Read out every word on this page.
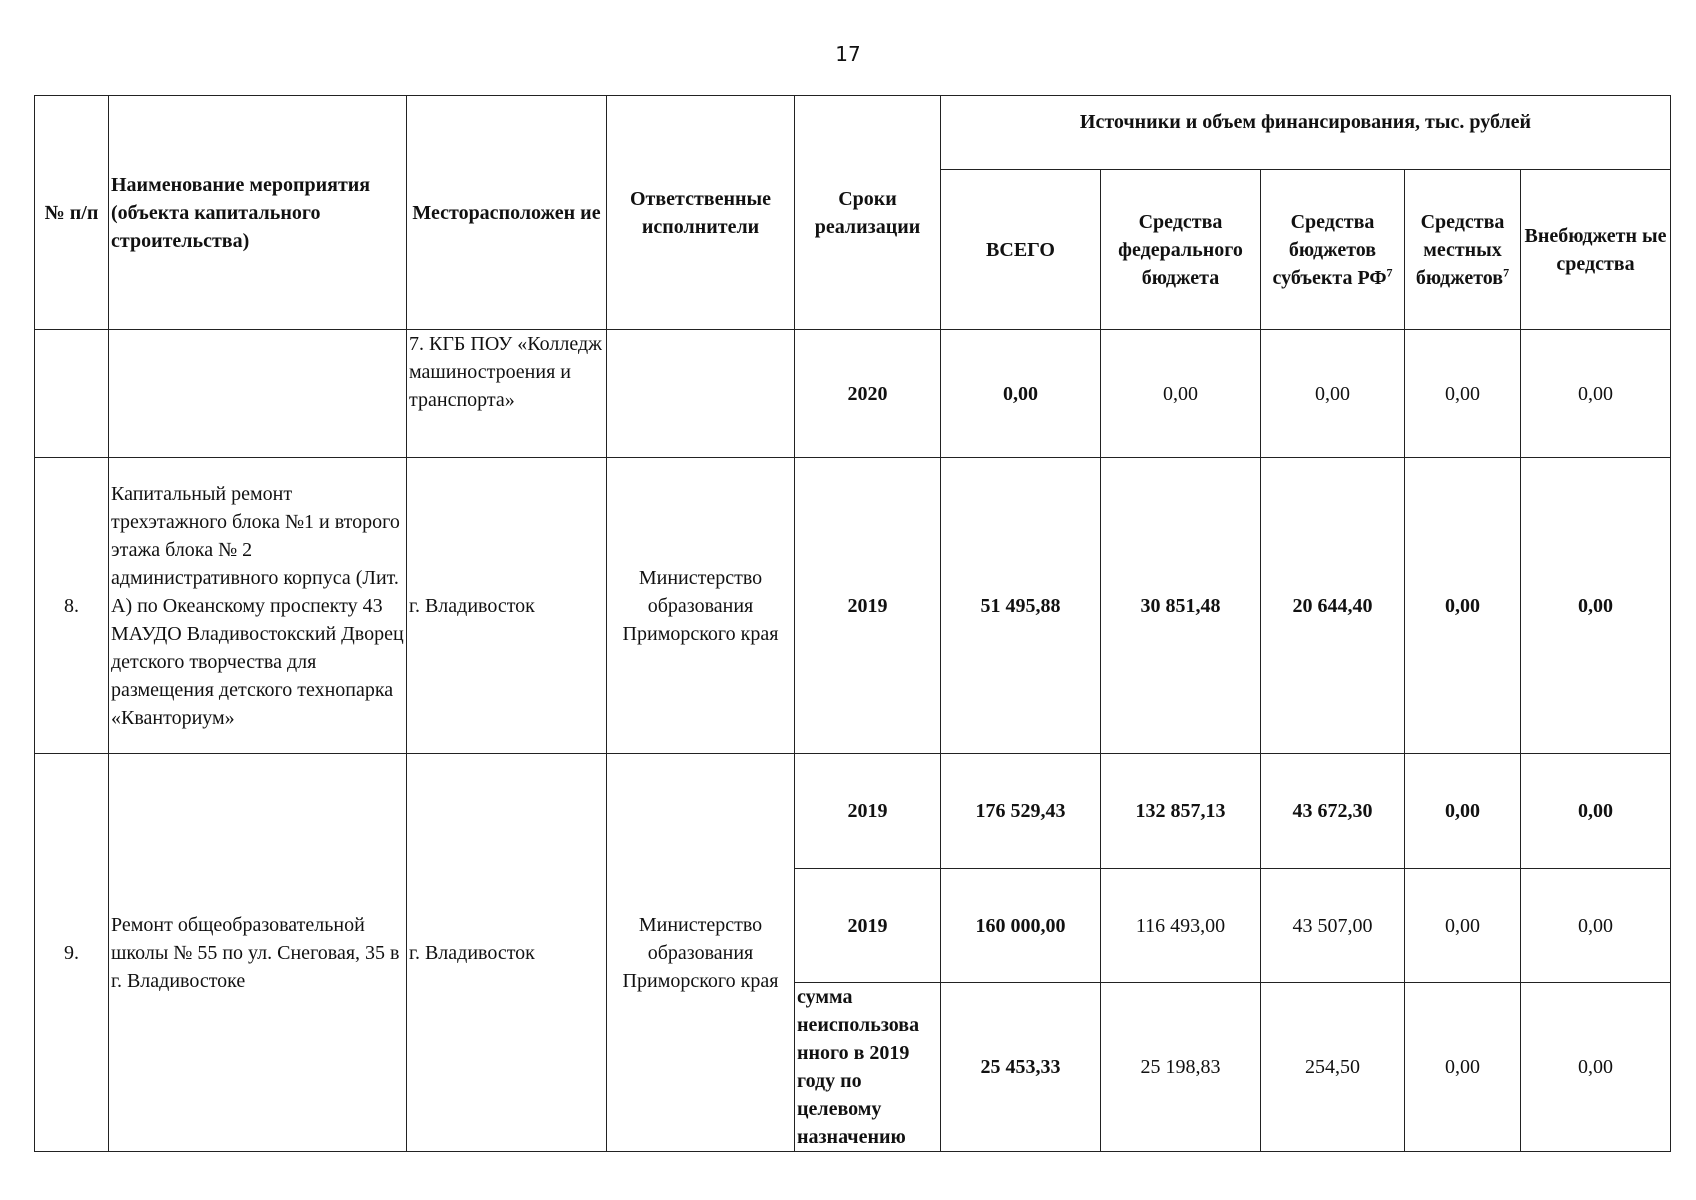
17
№ п/п	Наименование мероприятия (объекта капитального строительства)	Месторасположен ие	Ответственные исполнители	Сроки реализации	Источники и объем финансирования, тыс. рублей				
					ВСЕГО	Средства федерального бюджета	Средства бюджетов субъекта $РФ^7$	Средства местных бюджетов$^7$	Внебюджетн ые средства
		7. КГБ ПОУ «Колледж машиностроения и транспорта»		2020	0,00	0,00	0,00	0,00	0,00
8.	Капитальный ремонт трехэтажного блока №1 и второго этажа блока № 2 административного корпуса (Лит. А) по Океанскому проспекту 43 МАУДО Владивостокский Дворец детского творчества для размещения детского технопарка «Кванториум»	г. Владивосток	Министерство образования Приморского края	2019	51 495,88	30 851,48	20 644,40	0,00	0,00
9.	Ремонт общеобразовательной школы № 55 по ул. Снеговая, 35 в г. Владивостоке	г. Владивосток	Министерство образования Приморского края	2019	176 529,43	132 857,13	43 672,30	0,00	0,00
				2019	160 000,00	116 493,00	43 507,00	0,00	0,00
				сумма неиспользова нного в 2019 году по целевому назначению	25 453,33	25 198,83	254,50	0,00	0,00
